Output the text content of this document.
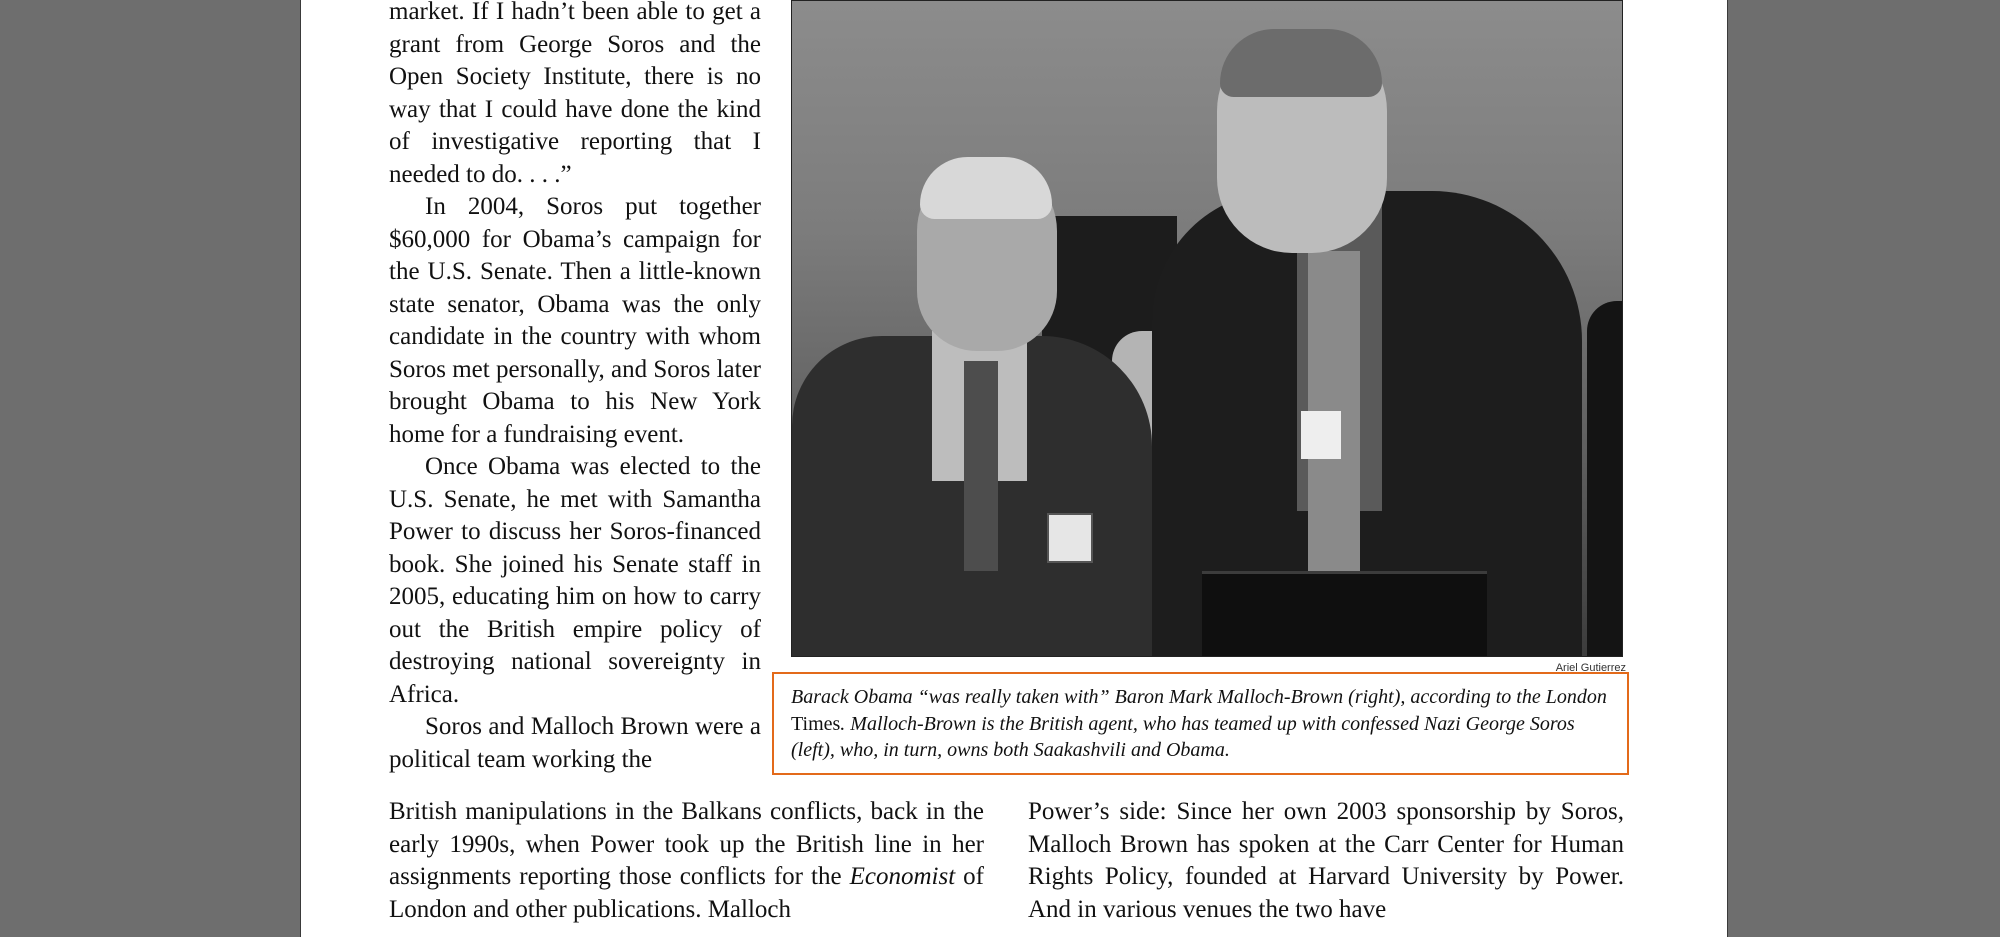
market. If I hadn’t been able to get a grant from George Soros and the Open Society Institute, there is no way that I could have done the kind of investigative reporting that I needed to do. . . .”

In 2004, Soros put together $60,000 for Obama’s campaign for the U.S. Senate. Then a little-known state senator, Obama was the only candidate in the country with whom Soros met personally, and Soros later brought Obama to his New York home for a fundraising event.

Once Obama was elected to the U.S. Senate, he met with Samantha Power to discuss her Soros-financed book. She joined his Senate staff in 2005, educating him on how to carry out the British empire policy of destroying national sovereignty in Africa.

Soros and Malloch Brown were a political team working the

Ariel Gutierrez
Barack Obama “was really taken with” Baron Mark Malloch-Brown (right), according to the London Times. Malloch-Brown is the British agent, who has teamed up with confessed Nazi George Soros (left), who, in turn, owns both Saakashvili and Obama.

British manipulations in the Balkans conflicts, back in the early 1990s, when Power took up the British line in her assignments reporting those conflicts for the Economist of London and other publications. Malloch

Power’s side: Since her own 2003 sponsorship by Soros, Malloch Brown has spoken at the Carr Center for Human Rights Policy, founded at Harvard University by Power. And in various venues the two have
